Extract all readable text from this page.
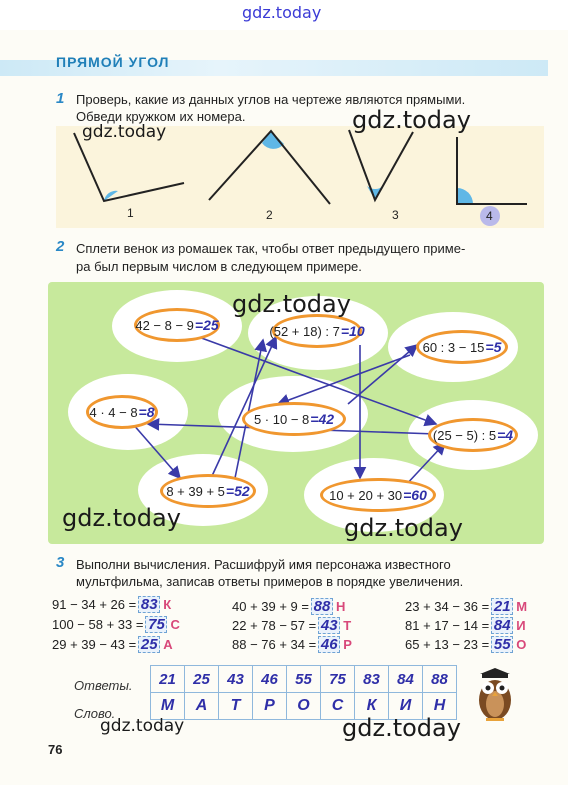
gdz.today
ПРЯМОЙ УГОЛ
1 Проверь, какие из данных углов на чертеже являются прямыми.
Обведи кружком их номера.
1	2	3	4
2 Сплети венок из ромашек так, чтобы ответ предыдущего приме-
ра был первым числом в следующем примере.
42 − 8 − 9 =25	(52 + 18) : 7 =10
60 : 3 − 15 =5
4 · 4 − 8 =8	5 · 10 − 8 =42
(25 − 5) : 5 =4
8 + 39 + 5 =52	10 + 20 + 30 =60
3 Выполни вычисления. Расшифруй имя персонажа известного
мультфильма, записав ответы примеров в порядке увеличения.
91 − 34 + 26 = 83 К
100 − 58 + 33 = 75 С
29 + 39 − 43 = 25 А
40 + 39 + 9 = 88 Н
22 + 78 − 57 = 43 Т
88 − 76 + 34 = 46 Р
23 + 34 − 36 = 21 М
81 + 17 − 14 = 84 И
65 + 13 − 23 = 55 О
Ответы.
Слово.
21	25	43	46	55	75	83	84	88
М	А	Т	Р	О	С	К	И	Н
76
gdz.today	gdz.today
gdz.today
gdz.today	gdz.today
gdz.today	gdz.today
